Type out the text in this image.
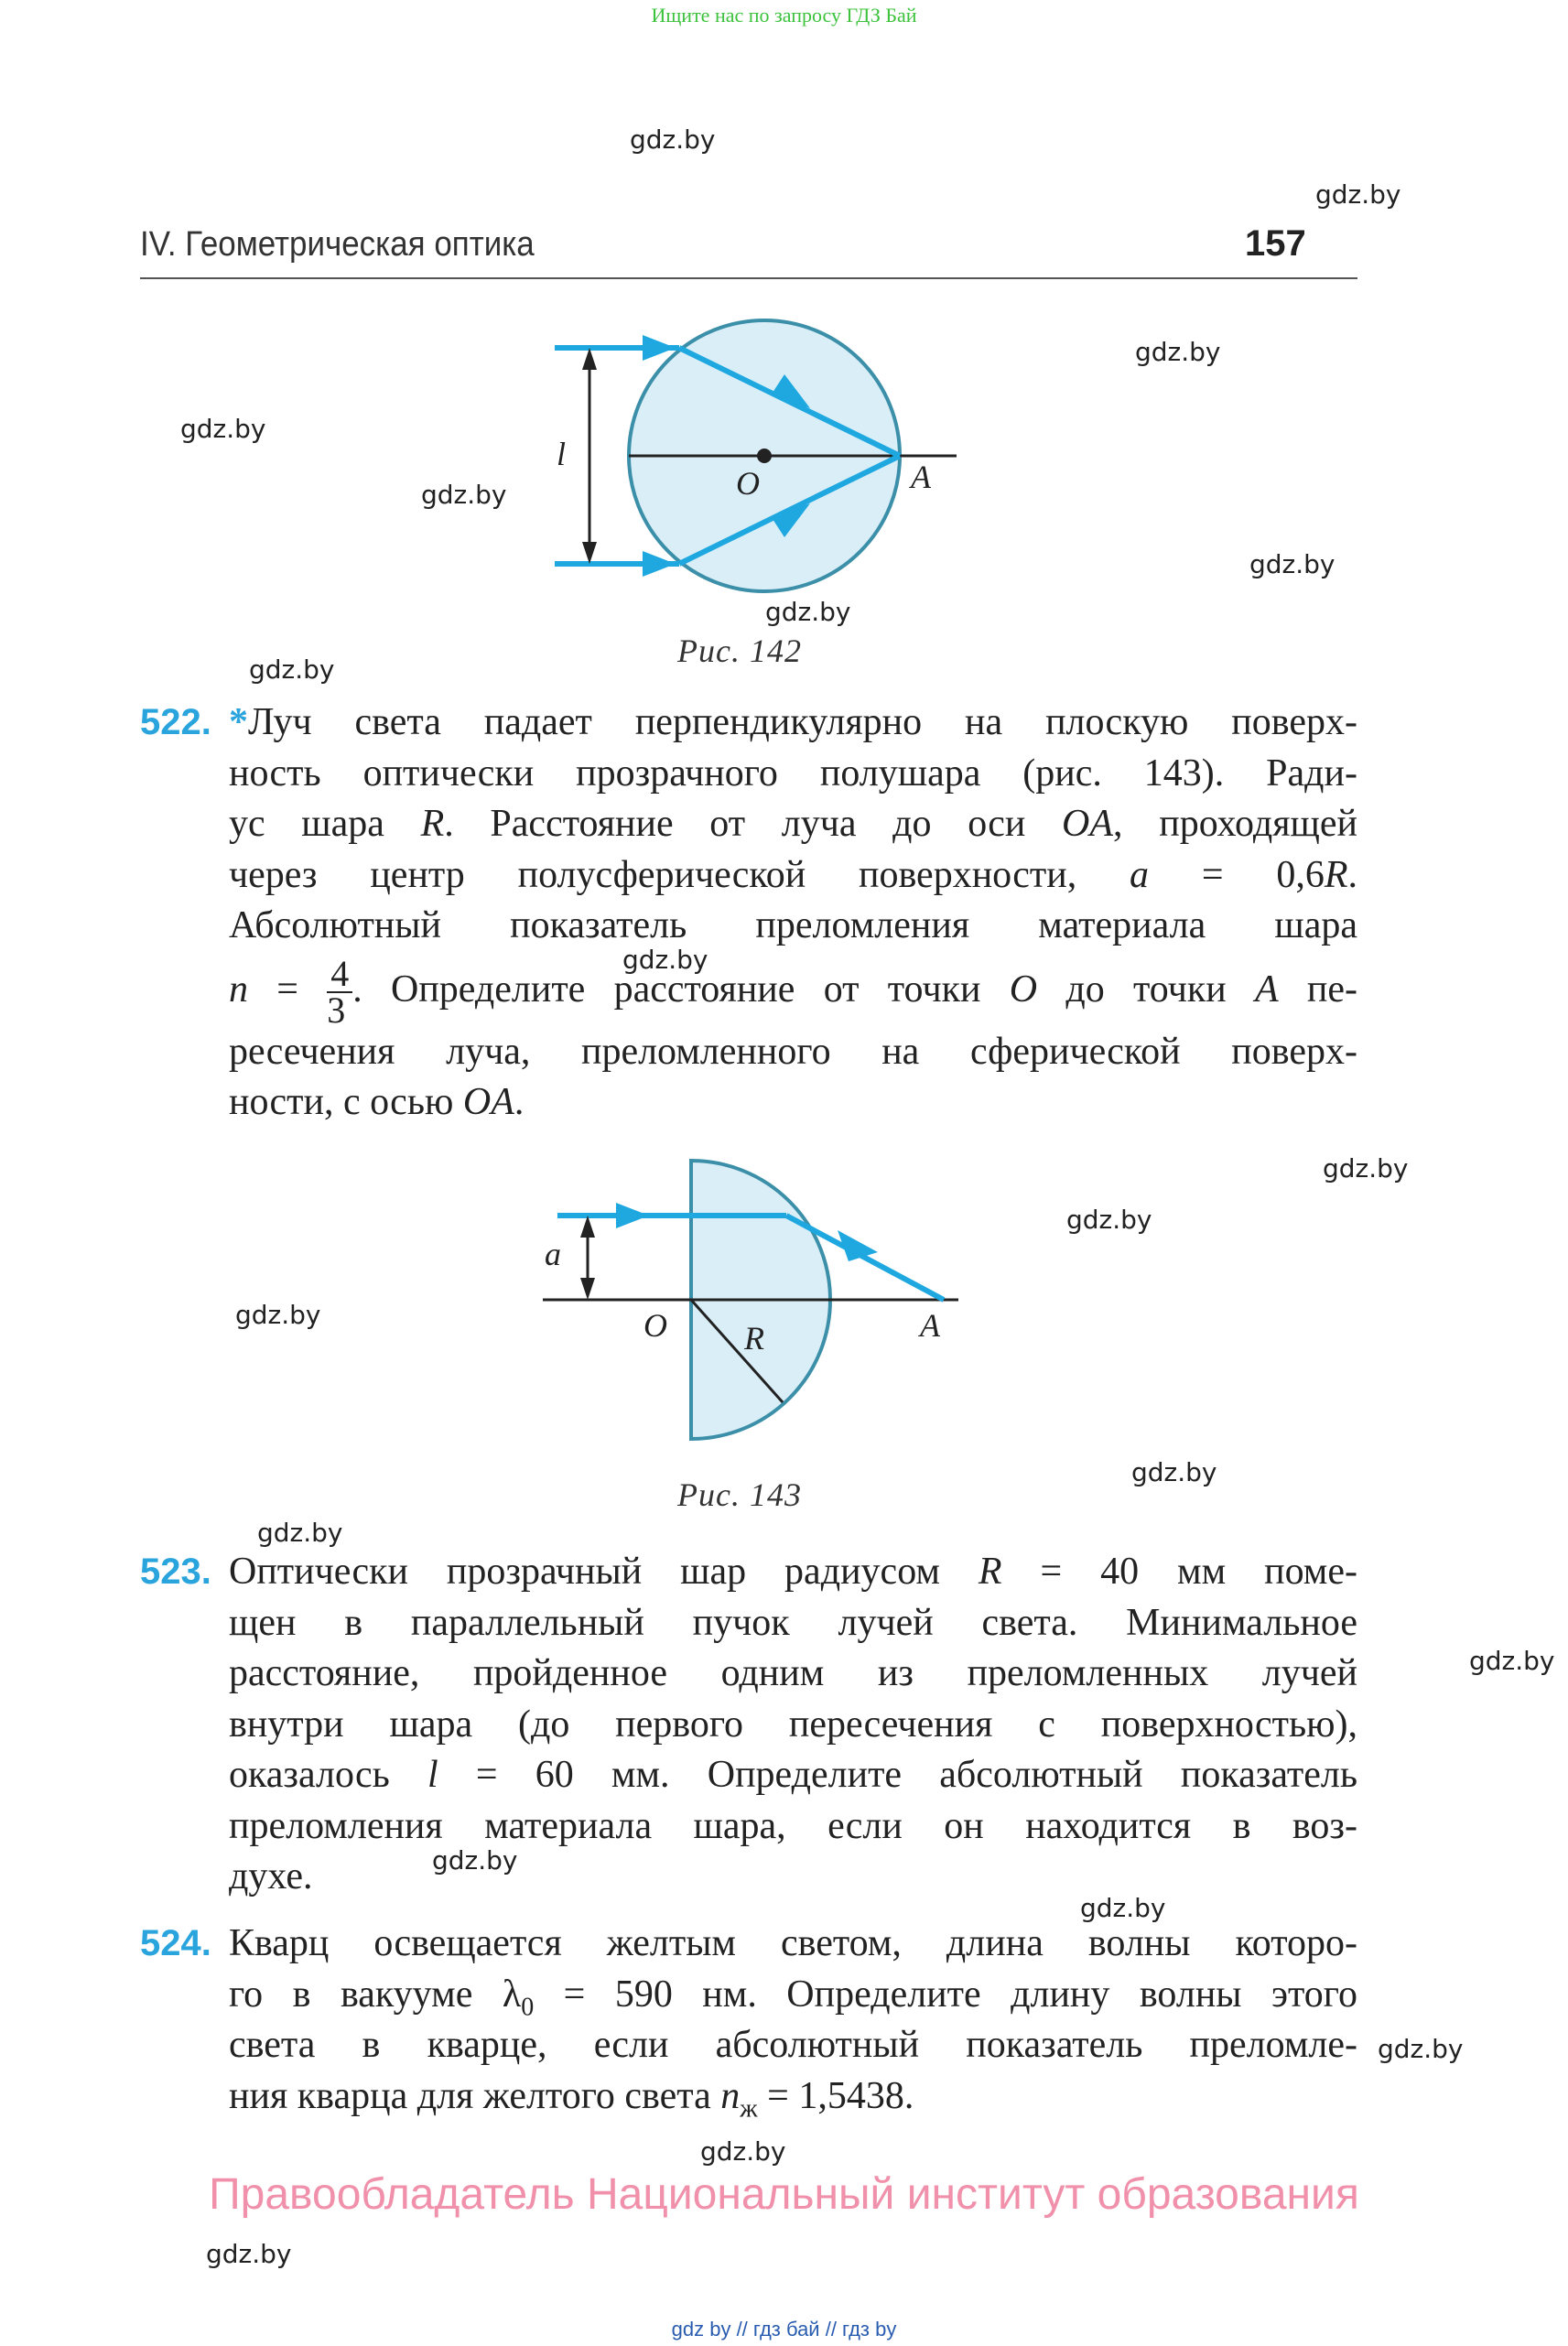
Ищите нас по запросу ГДЗ Бай
gdz.by
gdz.by
gdz.by
gdz.by
gdz.by
gdz.by
gdz.by
gdz.by
gdz.by
gdz.by
gdz.by
gdz.by
gdz.by
gdz.by
gdz.by
gdz.by
gdz.by
gdz.by
gdz.by
gdz.by
IV. Геометрическая оптика	157
l
O	A
Рис. 142
522. *Луч света падает перпендикулярно на плоскую поверх-
ность оптически прозрачного полушара (рис. 143). Ради-
ус шара R. Расстояние от луча до оси OA, проходящей
через центр полусферической поверхности, a = 0,6R.
Абсолютный показатель преломления материала шара
$n = \frac{4}{3}$ . Определите расстояние от точки O до точки A пе-
ресечения луча, преломленного на сферической поверх-
ности, с осью OA.
a
O R	A
Рис. 143
523. Оптически прозрачный шар радиусом R = 40 мм поме-
щен в параллельный пучок лучей света. Минимальное
расстояние, пройденное одним из преломленных лучей
внутри шара (до первого пересечения с поверхностью),
оказалось l = 60 мм. Определите абсолютный показатель
преломления материала шара, если он находится в воз-
духе.
524. Кварц освещается желтым светом, длина волны которо-
го в вакууме $\lambda_0 = 590$ нм. Определите длину волны этого
света в кварце, если абсолютный показатель преломле-
ния кварца для желтого света $n_ж = 1,5438$.
Правообладатель Национальный институт образования
gdz by // гдз бай // гдз by
